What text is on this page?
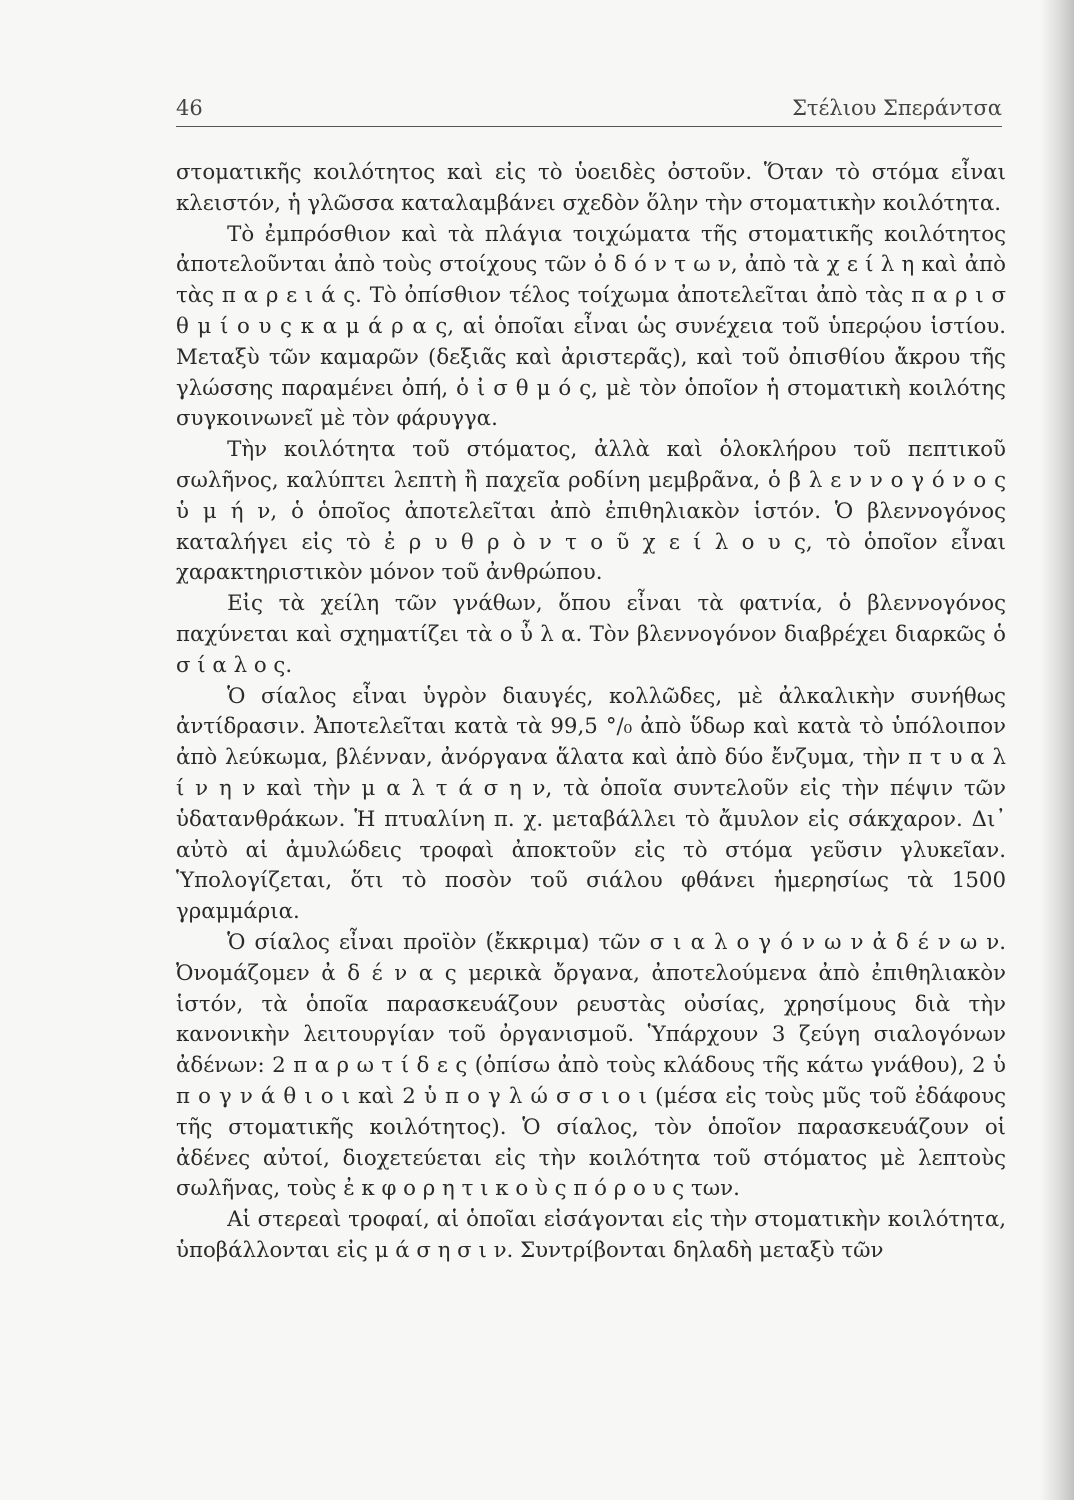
46	Στέλιου Σπεράντσα

στοματικῆς κοιλότητος καὶ εἰς τὸ ὑοειδὲς ὀστοῦν. Ὅταν τὸ στόμα εἶναι κλειστόν, ἡ γλῶσσα καταλαμβάνει σχεδὸν ὅλην τὴν στοματικὴν κοιλότητα.

Τὸ ἐμπρόσθιον καὶ τὰ πλάγια τοιχώματα τῆς στοματικῆς κοιλότητος ἀποτελοῦνται ἀπὸ τοὺς στοίχους τῶν ὀ δ ό ν τ ω ν, ἀπὸ τὰ χ ε ί λ η καὶ ἀπὸ τὰς π α ρ ε ι ά ς. Τὸ ὀπίσθιον τέλος τοίχωμα ἀποτελεῖται ἀπὸ τὰς π α ρ ι σ θ μ ί ο υ ς κ α μ ά ρ α ς, αἱ ὁποῖαι εἶναι ὡς συνέχεια τοῦ ὑπερῴου ἱστίου. Μεταξὺ τῶν καμαρῶν (δεξιᾶς καὶ ἀριστερᾶς), καὶ τοῦ ὀπισθίου ἄκρου τῆς γλώσσης παραμένει ὀπή, ὁ ἰ σ θ μ ό ς, μὲ τὸν ὁποῖον ἡ στοματικὴ κοιλότης συγκοινωνεῖ μὲ τὸν φάρυγγα.

Τὴν κοιλότητα τοῦ στόματος, ἀλλὰ καὶ ὁλοκλήρου τοῦ πεπτικοῦ σωλῆνος, καλύπτει λεπτὴ ἢ παχεῖα ροδίνη μεμβρᾶνα, ὁ β λ ε ν ν ο γ ό ν ο ς ὑ μ ή ν, ὁ ὁποῖος ἀποτελεῖται ἀπὸ ἐπιθηλιακὸν ἱστόν. Ὁ βλεννογόνος καταλήγει εἰς τὸ ἐ ρ υ θ ρ ὸ ν τ ο ῦ χ ε ί λ ο υ ς, τὸ ὁποῖον εἶναι χαρακτηριστικὸν μόνον τοῦ ἀνθρώπου.

Εἰς τὰ χείλη τῶν γνάθων, ὅπου εἶναι τὰ φατνία, ὁ βλεννογόνος παχύνεται καὶ σχηματίζει τὰ ο ὖ λ α. Τὸν βλεννογόνον διαβρέχει διαρκῶς ὁ σ ί α λ ο ς.

Ὁ σίαλος εἶναι ὑγρὸν διαυγές, κολλῶδες, μὲ ἀλκαλικὴν συνήθως ἀντίδρασιν. Ἀποτελεῖται κατὰ τὰ 99,5 °/₀ ἀπὸ ὕδωρ καὶ κατὰ τὸ ὑπόλοιπον ἀπὸ λεύκωμα, βλένναν, ἀνόργανα ἅλατα καὶ ἀπὸ δύο ἔνζυμα, τὴν π τ υ α λ ί ν η ν καὶ τὴν μ α λ τ ά σ η ν, τὰ ὁποῖα συντελοῦν εἰς τὴν πέψιν τῶν ὑδατανθράκων. Ἡ πτυαλίνη π. χ. μεταβάλλει τὸ ἄμυλον εἰς σάκχαρον. Δι᾽ αὐτὸ αἱ ἀμυλώδεις τροφαὶ ἀποκτοῦν εἰς τὸ στόμα γεῦσιν γλυκεῖαν. Ὑπολογίζεται, ὅτι τὸ ποσὸν τοῦ σιάλου φθάνει ἡμερησίως τὰ 1500 γραμμάρια.

Ὁ σίαλος εἶναι προϊὸν (ἔκκριμα) τῶν σ ι α λ ο γ ό ν ω ν ἀ δ έ ν ω ν. Ὀνομάζομεν ἀ δ έ ν α ς μερικὰ ὄργανα, ἀποτελούμενα ἀπὸ ἐπιθηλιακὸν ἱστόν, τὰ ὁποῖα παρασκευάζουν ρευστὰς οὐσίας, χρησίμους διὰ τὴν κανονικὴν λειτουργίαν τοῦ ὀργανισμοῦ. Ὑπάρχουν 3 ζεύγη σιαλογόνων ἀδένων: 2 π α ρ ω τ ί δ ε ς (ὀπίσω ἀπὸ τοὺς κλάδους τῆς κάτω γνάθου), 2 ὑ π ο γ ν ά θ ι ο ι καὶ 2 ὑ π ο γ λ ώ σ σ ι ο ι (μέσα εἰς τοὺς μῦς τοῦ ἐδάφους τῆς στοματικῆς κοιλότητος). Ὁ σίαλος, τὸν ὁποῖον παρασκευάζουν οἱ ἀδένες αὐτοί, διοχετεύεται εἰς τὴν κοιλότητα τοῦ στόματος μὲ λεπτοὺς σωλῆνας, τοὺς ἐ κ φ ο ρ η τ ι κ ο ὺ ς π ό ρ ο υ ς των.

Αἱ στερεαὶ τροφαί, αἱ ὁποῖαι εἰσάγονται εἰς τὴν στοματικὴν κοιλότητα, ὑποβάλλονται εἰς μ ά σ η σ ι ν. Συντρίβονται δηλαδὴ μεταξὺ τῶν
